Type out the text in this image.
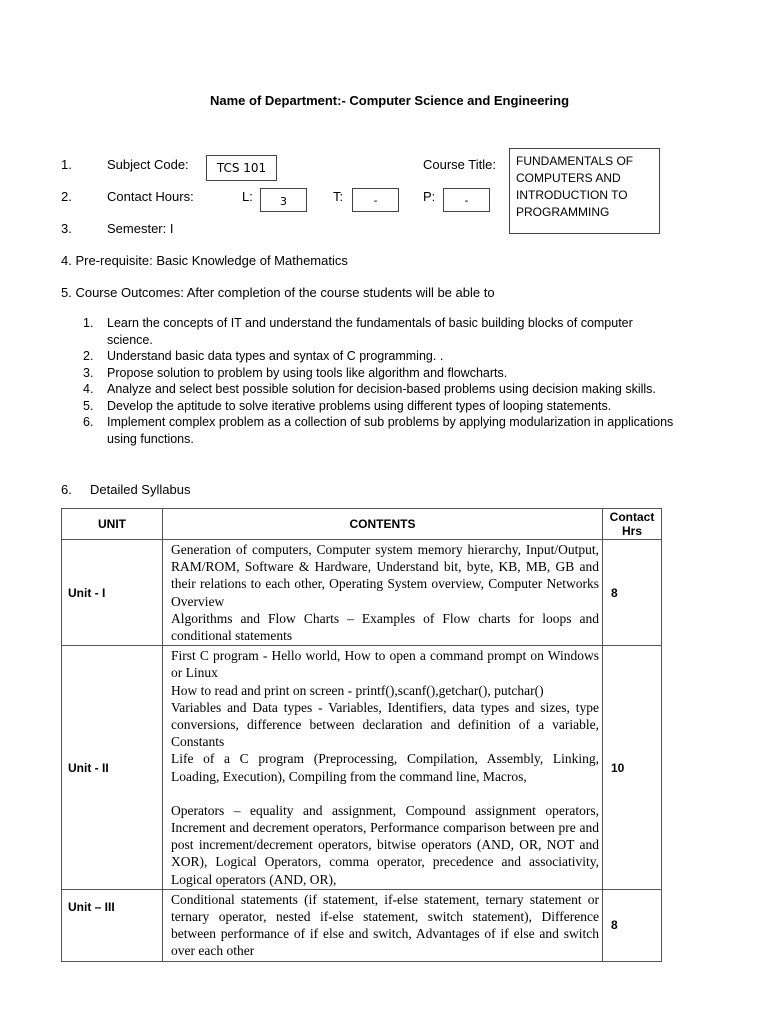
Name of Department:- Computer Science and Engineering
1.	Subject Code:	TCS 101	Course Title: FUNDAMENTALS OF
COMPUTERS AND
INTRODUCTION TO
PROGRAMMING
2.	Contact Hours:	L:	3	T:	-	P:	-
3.	Semester: I
4. Pre-requisite: Basic Knowledge of Mathematics
5. Course Outcomes: After completion of the course students will be able to
1. Learn the concepts of IT and understand the fundamentals of basic building blocks of computer
science.
2. Understand basic data types and syntax of C programming. .
3. Propose solution to problem by using tools like algorithm and flowcharts.
4. Analyze and select best possible solution for decision-based problems using decision making skills.
5. Develop the aptitude to solve iterative problems using different types of looping statements.
6. Implement complex problem as a collection of sub problems by applying modularization in applications
using functions.
6. Detailed Syllabus
UNIT	CONTENTS	Contact
Hrs
Unit - I	Generation of computers, Computer system memory hierarchy, Input/Output, RAM/ROM, Software & Hardware, Understand bit, byte, KB, MB, GB and their relations to each other, Operating System overview, Computer Networks Overview

Algorithms and Flow Charts – Examples of Flow charts for loops and conditional statements	8
Unit - II	First C program - Hello world, How to open a command prompt on Windows or Linux

How to read and print on screen - printf(),scanf(),getchar(), putchar()

Variables and Data types - Variables, Identifiers, data types and sizes, type conversions, difference between declaration and definition of a variable, Constants

Life of a C program (Preprocessing, Compilation, Assembly, Linking, Loading, Execution), Compiling from the command line, Macros,

Operators – equality and assignment, Compound assignment operators, Increment and decrement operators, Performance comparison between pre and post increment/decrement operators, bitwise operators (AND, OR, NOT and XOR), Logical Operators, comma operator, precedence and associativity, Logical operators (AND, OR),	10
Unit – III	Conditional statements (if statement, if-else statement, ternary statement or ternary operator, nested if-else statement, switch statement), Difference between performance of if else and switch, Advantages of if else and switch over each other	8
